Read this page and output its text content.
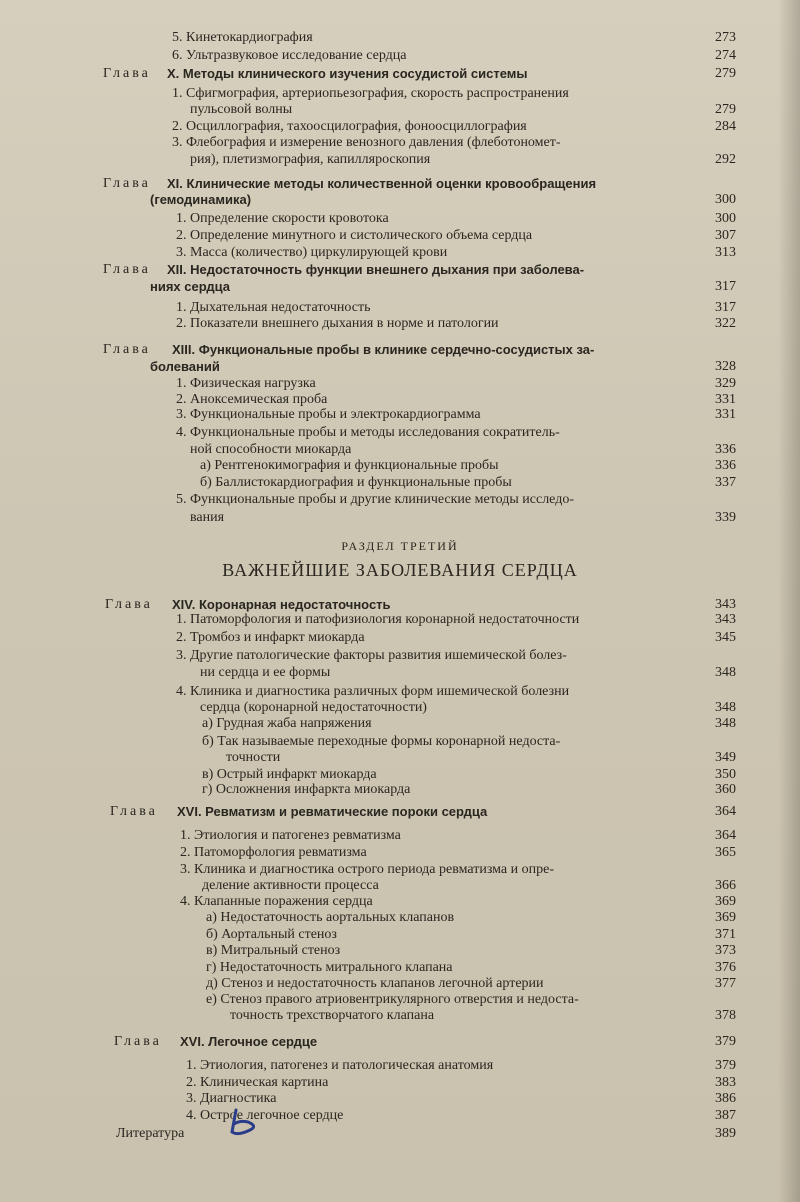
5. Кинетокардиография	273
6. Ультразвуковое исследование сердца	274
Глава X. Методы клинического изучения сосудистой системы	279
1. Сфигмография, артериопьезография, скорость распространения
пульсовой волны	279
2. Осциллография, тахоосцилография, фоноосциллография	284
3. Флебография и измерение венозного давления (флеботономет-
рия), плетизмография, капилляроскопия	292
Глава XI. Клинические методы количественной оценки кровообращения
(гемодинамика)	300
1. Определение скорости кровотока	300
2. Определение минутного и систолического объема сердца	307
3. Масса (количество) циркулирующей крови	313
Глава XII. Недостаточность функции внешнего дыхания при заболева-
ниях сердца	317
1. Дыхательная недостаточность	317
2. Показатели внешнего дыхания в норме и патологии	322
Глава XIII. Функциональные пробы в клинике сердечно-сосудистых за-
болеваний	328
1. Физическая нагрузка	329
2. Аноксемическая проба	331
3. Функциональные пробы и электрокардиограмма	331
4. Функциональные пробы и методы исследования сократитель-
ной способности миокарда	336
а) Рентгенокимография и функциональные пробы	336
б) Баллистокардиография и функциональные пробы	337
5. Функциональные пробы и другие клинические методы исследо-
вания	339
РАЗДЕЛ ТРЕТИЙ
ВАЖНЕЙШИЕ ЗАБОЛЕВАНИЯ СЕРДЦА
Глава XIV. Коронарная недостаточность	343
1. Патоморфология и патофизиология коронарной недостаточности	343
2. Тромбоз и инфаркт миокарда	345
3. Другие патологические факторы развития ишемической болез-
ни сердца и ее формы	348
4. Клиника и диагностика различных форм ишемической болезни
сердца (коронарной недостаточности)	348
а) Грудная жаба напряжения	348
б) Так называемые переходные формы коронарной недоста-
точности	349
в) Острый инфаркт миокарда	350
г) Осложнения инфаркта миокарда	360
Глава XVI. Ревматизм и ревматические пороки сердца	364
1. Этиология и патогенез ревматизма	364
2. Патоморфология ревматизма	365
3. Клиника и диагностика острого периода ревматизма и опре-
деление активности процесса	366
4. Клапанные поражения сердца	369
а) Недостаточность аортальных клапанов	369
б) Аортальный стеноз	371
в) Митральный стеноз	373
г) Недостаточность митрального клапана	376
д) Стеноз и недостаточность клапанов легочной артерии	377
е) Стеноз правого атриовентрикулярного отверстия и недоста-
точность трехстворчатого клапана	378
Глава XVI. Легочное сердце	379
1. Этиология, патогенез и патологическая анатомия	379
2. Клиническая картина	383
3. Диагностика	386
4. Острое легочное сердце	387
Литература	389
